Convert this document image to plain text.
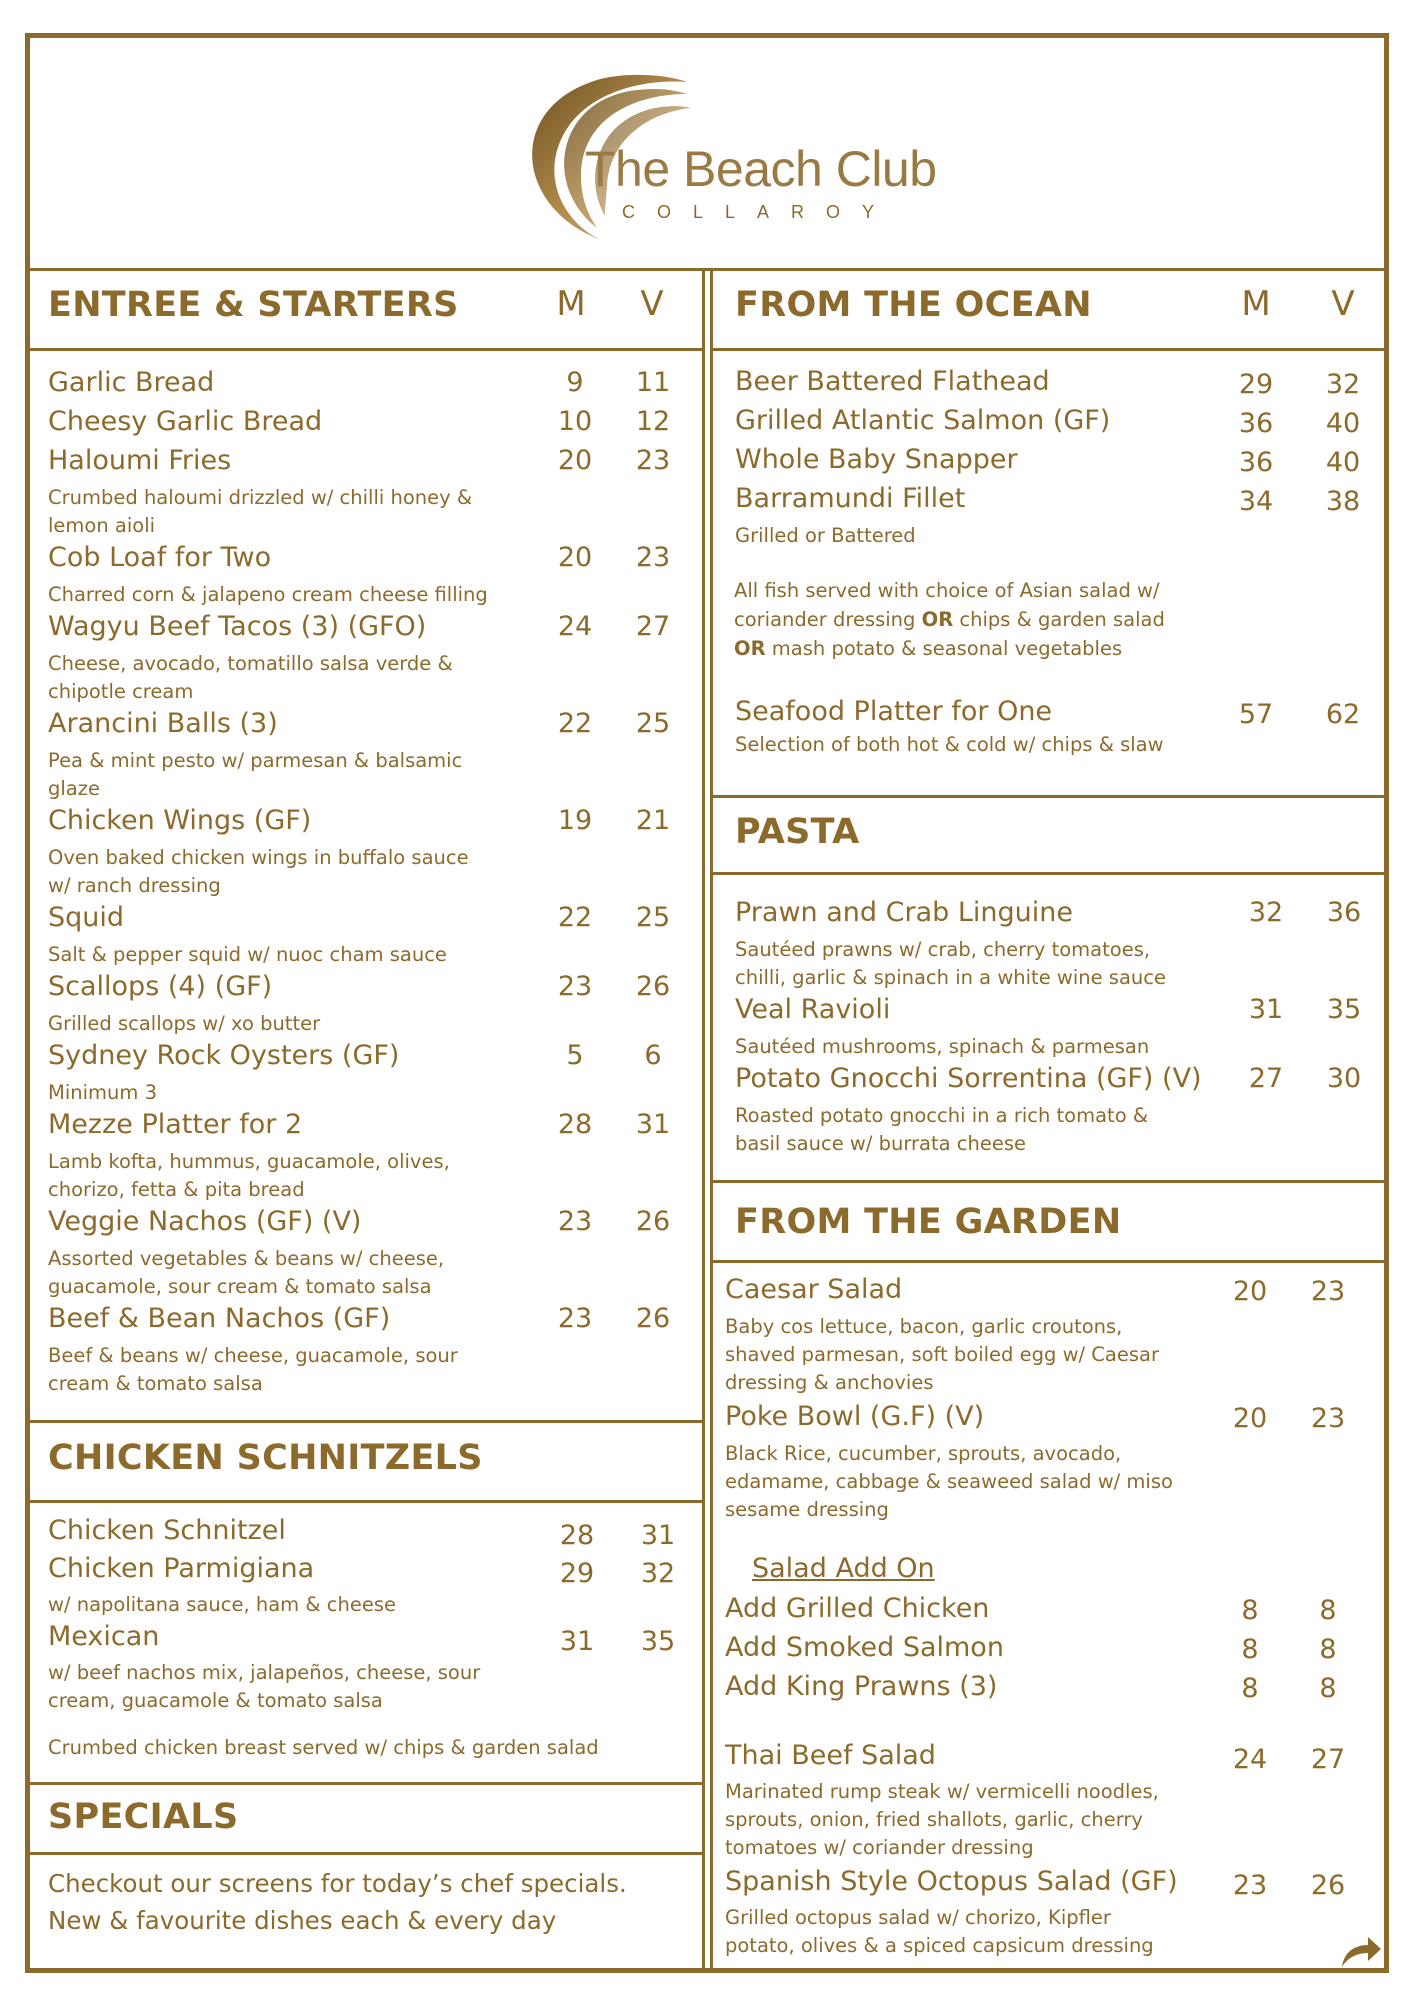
The Beach Club
COLLAROY
ENTREE & STARTERS	M	V
Garlic Bread	9	11
Cheesy Garlic Bread	10	12
Haloumi Fries	20	23
Crumbed haloumi drizzled w/ chilli honey &
lemon aioli
Cob Loaf for Two	20	23
Charred corn & jalapeno cream cheese filling
Wagyu Beef Tacos (3) (GFO)	24	27
Cheese, avocado, tomatillo salsa verde &
chipotle cream
Arancini Balls (3)	22	25
Pea & mint pesto w/ parmesan & balsamic
glaze
Chicken Wings (GF)	19	21
Oven baked chicken wings in buffalo sauce
w/ ranch dressing
Squid	22	25
Salt & pepper squid w/ nuoc cham sauce
Scallops (4) (GF)	23	26
Grilled scallops w/ xo butter
Sydney Rock Oysters (GF)	5	6
Minimum 3
Mezze Platter for 2	28	31
Lamb kofta, hummus, guacamole, olives,
chorizo, fetta & pita bread
Veggie Nachos (GF) (V)	23	26
Assorted vegetables & beans w/ cheese,
guacamole, sour cream & tomato salsa
Beef & Bean Nachos (GF)	23	26
Beef & beans w/ cheese, guacamole, sour
cream & tomato salsa
CHICKEN SCHNITZELS
Chicken Schnitzel	28	31
Chicken Parmigiana	29	32
w/ napolitana sauce, ham & cheese
Mexican	31	35
w/ beef nachos mix, jalapeños, cheese, sour
cream, guacamole & tomato salsa
Crumbed chicken breast served w/ chips & garden salad
SPECIALS
Checkout our screens for today’s chef specials.
New & favourite dishes each & every day
FROM THE OCEAN	M	V
Beer Battered Flathead	29	32
Grilled Atlantic Salmon (GF)	36	40
Whole Baby Snapper	36	40
Barramundi Fillet	34	38
Grilled or Battered
All fish served with choice of Asian salad w/
coriander dressing OR chips & garden salad
OR mash potato & seasonal vegetables
Seafood Platter for One	57	62
Selection of both hot & cold w/ chips & slaw
PASTA
Prawn and Crab Linguine	32	36
Sautéed prawns w/ crab, cherry tomatoes,
chilli, garlic & spinach in a white wine sauce
Veal Ravioli	31	35
Sautéed mushrooms, spinach & parmesan
Potato Gnocchi Sorrentina (GF) (V)	27	30
Roasted potato gnocchi in a rich tomato &
basil sauce w/ burrata cheese
FROM THE GARDEN
Caesar Salad	20	23
Baby cos lettuce, bacon, garlic croutons,
shaved parmesan, soft boiled egg w/ Caesar
dressing & anchovies
Poke Bowl (G.F) (V)	20	23
Black Rice, cucumber, sprouts, avocado,
edamame, cabbage & seaweed salad w/ miso
sesame dressing
Salad Add On
Add Grilled Chicken	8	8
Add Smoked Salmon	8	8
Add King Prawns (3)	8	8
Thai Beef Salad	24	27
Marinated rump steak w/ vermicelli noodles,
sprouts, onion, fried shallots, garlic, cherry
tomatoes w/ coriander dressing
Spanish Style Octopus Salad (GF)	23	26
Grilled octopus salad w/ chorizo, Kipfler
potato, olives & a spiced capsicum dressing
